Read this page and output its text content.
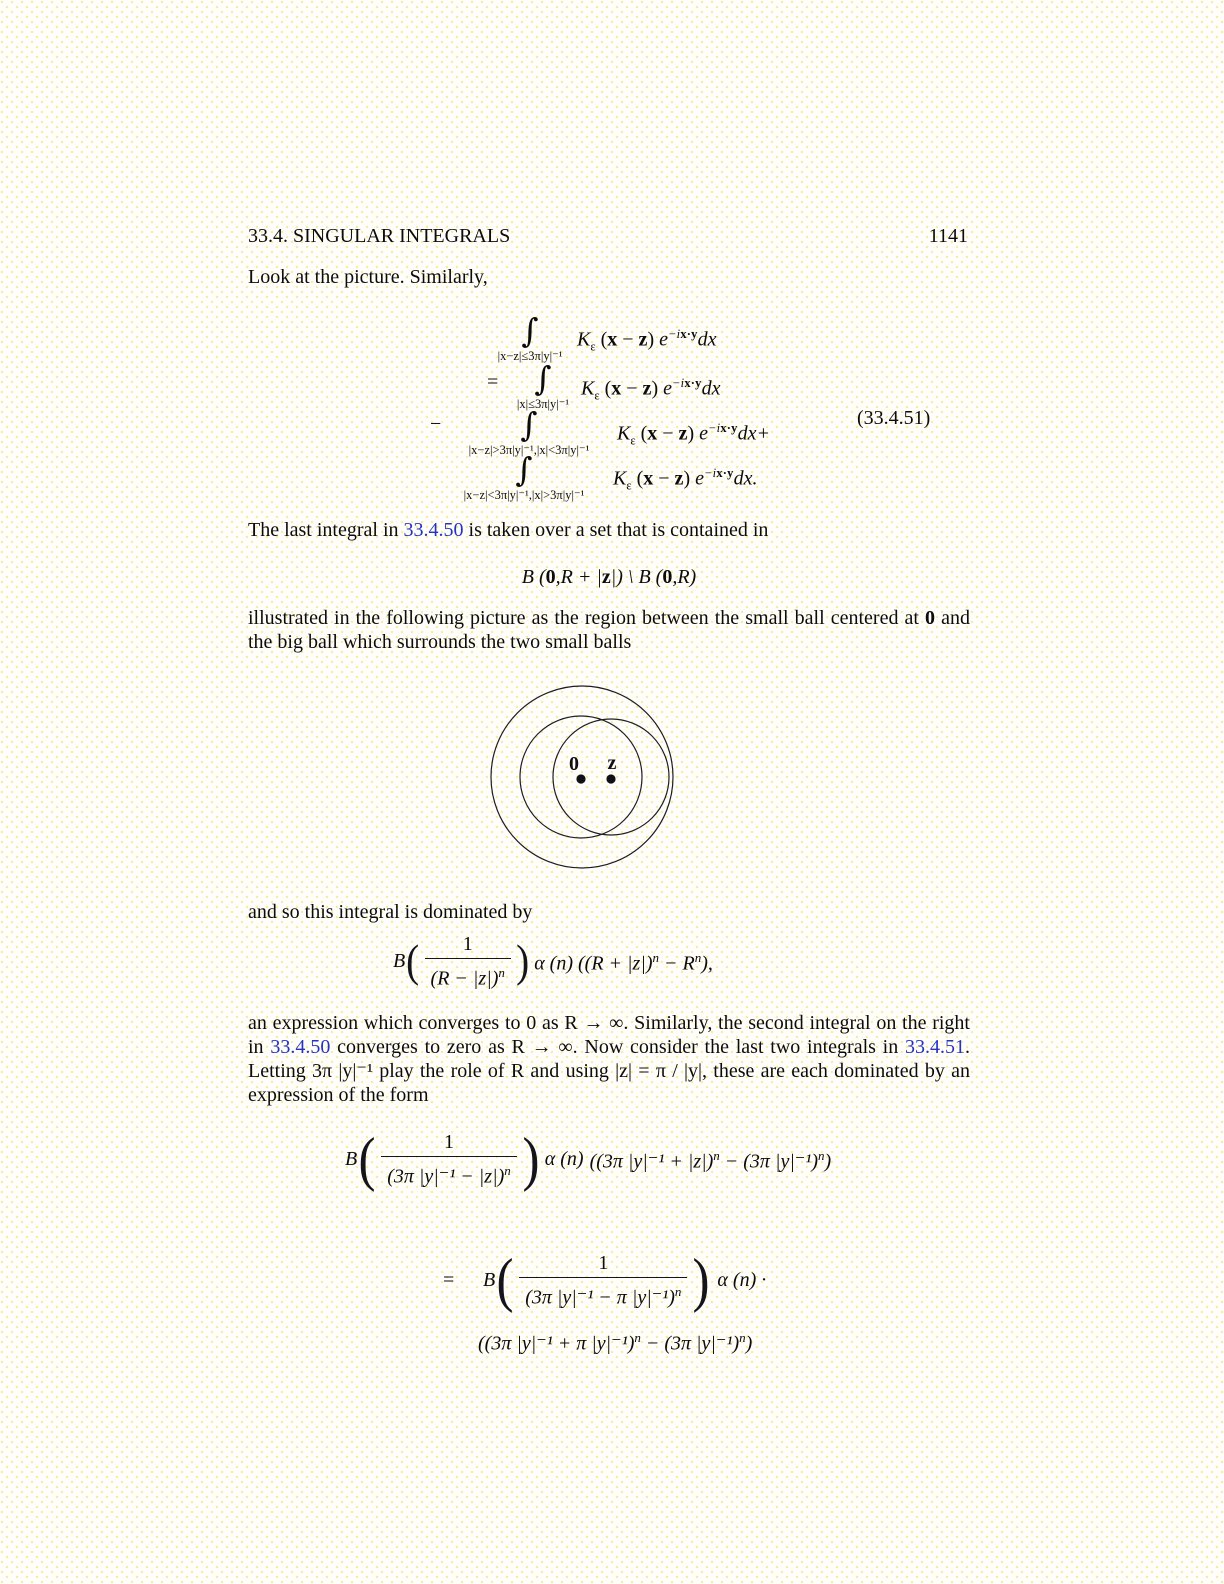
33.4. SINGULAR INTEGRALS	1141

Look at the picture. Similarly,

∫
|x−z|≤3π|y|⁻¹
$K_\varepsilon$ (x − z) $e^{-ix\cdot y}dx$
= ∫
|x|≤3π|y|⁻¹
$K_\varepsilon$ (x − z) $e^{-ix\cdot y}dx$
− ∫
|x−z|>3π|y|⁻¹,|x|<3π|y|⁻¹
$K_\varepsilon$ (x − z) $e^{-ix\cdot y}dx+$
(33.4.51)
∫
|x−z|<3π|y|⁻¹,|x|>3π|y|⁻¹
$K_\varepsilon$ (x − z) $e^{-ix\cdot y}dx$.

The last integral in 33.4.50 is taken over a set that is contained in

B (0,R + |z|) \ B (0,R)

illustrated in the following picture as the region between the small ball centered at 0 and the big ball which surrounds the two small balls

0 z

and so this integral is dominated by

B ( $\frac{1}{(R - |z|)^n}$ ) α (n) $((R + |z|)^n - R^n)$,

an expression which converges to 0 as R → ∞. Similarly, the second integral on the right in 33.4.50 converges to zero as R → ∞. Now consider the last two integrals in 33.4.51. Letting 3π |y|⁻¹ play the role of R and using |z| = π / |y|, these are each dominated by an expression of the form

B ( $\frac{1}{(3\pi |y|^{-1} - |z|)^n}$ ) α (n) ((3π |y|⁻¹ + |z|)$^n$ − (3π |y|⁻¹)$^n$)
= B ( $\frac{1}{(3\pi |y|^{-1} - \pi |y|^{-1})^n}$ ) α (n) ·
((3π |y|⁻¹ + π |y|⁻¹)$^n$ − (3π |y|⁻¹)$^n$)
